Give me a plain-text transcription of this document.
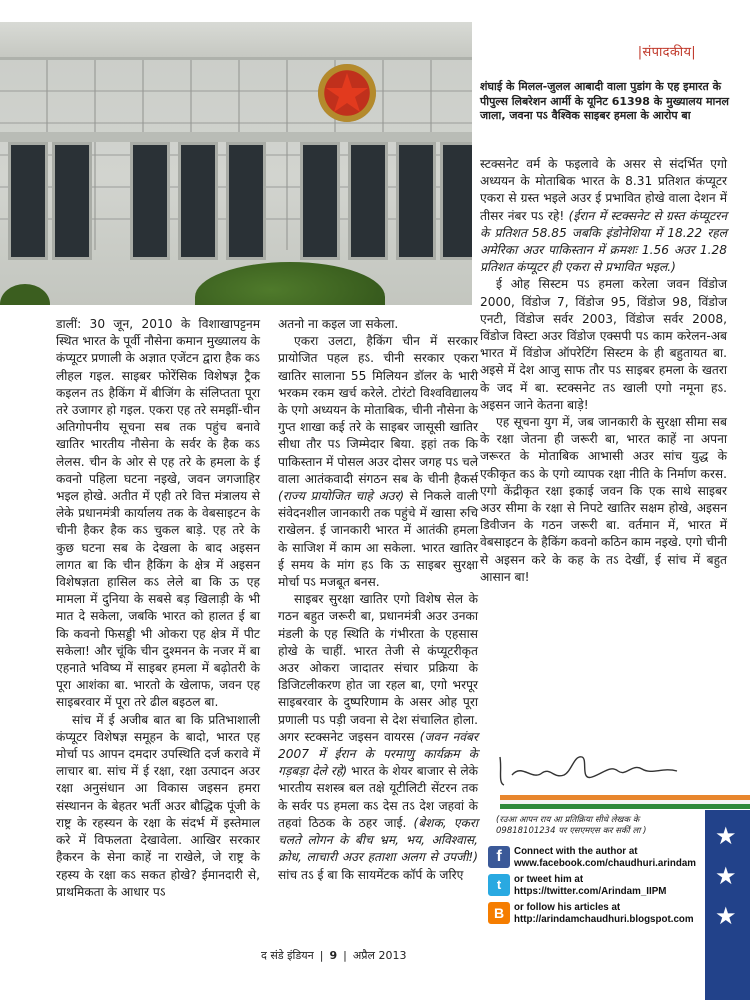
|संपादकीय|
शंघाई के मिलल-जुलल आबादी वाला पुडांग के एह इमारत के पीपुल्स लिबरेशन आर्मी के यूनिट 61398 के मुख्यालय मानल जाला, जवना पऽ वैश्विक साइबर हमला के आरोप बा

डालीं: 30 जून, 2010 के विशाखापट्टनम स्थित भारत के पूर्वी नौसेना कमान मुख्यालय के कंप्यूटर प्रणाली के अज्ञात एजेंटन द्वारा हैक कऽ लीहल गइल. साइबर फोरेंसिक विशेषज्ञ ट्रैक कइलन तऽ हैकिंग में बीजिंग के संलिप्तता पूरा तरे उजागर हो गइल. एकरा एह तरे समझीं-चीन अतिगोपनीय सूचना सब तक पहुंच बनावे खातिर भारतीय नौसेना के सर्वर के हैक कऽ लेलस. चीन के ओर से एह तरे के हमला के ई कवनो पहिला घटना नइखे, जवन जगजाहिर भइल होखे. अतीत में एही तरे वित्त मंत्रालय से लेके प्रधानमंत्री कार्यालय तक के वेबसाइटन के चीनी हैकर हैक कऽ चुकल बाड़े. एह तरे के कुछ घटना सब के देखला के बाद अइसन लागत बा कि चीन हैकिंग के क्षेत्र में अइसन विशेषज्ञता हासिल कऽ लेले बा कि ऊ एह मामला में दुनिया के सबसे बड़ खिलाड़ी के भी मात दे सकेला, जबकि भारत को हालत ई बा कि कवनो फिसड्डी भी ओकरा एह क्षेत्र में पीट सकेला! और चूंकि चीन दुश्मनन के नजर में बा एहनाते भविष्य में साइबर हमला में बढ़ोतरी के पूरा आशंका बा. भारतो के खेलाफ, जवन एह साइबरवार में पूरा तरे ढील बइठल बा.

सांच में ई अजीब बात बा कि प्रतिभाशाली कंप्यूटर विशेषज्ञ समूहन के बादो, भारत एह मोर्चा पऽ आपन दमदार उपस्थिति दर्ज करावे में लाचार बा. सांच में ई रक्षा, रक्षा उत्पादन अउर रक्षा अनुसंधान आ विकास जइसन हमरा संस्थानन के बेहतर भर्ती अउर बौद्धिक पूंजी के राष्ट्र के रहस्यन के रक्षा के संदर्भ में इस्तेमाल करे में विफलता देखावेला. आखिर सरकार हैकरन के सेना काहें ना राखेले, जे राष्ट्र के रहस्य के रक्षा कऽ सकत होखे? ईमानदारी से, प्राथमिकता के आधार पऽ

अतनो ना कइल जा सकेला.

एकरा उलटा, हैकिंग चीन में सरकार प्रायोजित पहल हऽ. चीनी सरकार एकरा खातिर सालाना 55 मिलियन डॉलर के भारी भरकम रकम खर्च करेले. टोरंटो विश्वविद्यालय के एगो अध्ययन के मोताबिक, चीनी नौसेना के गुप्त शाखा कई तरे के साइबर जासूसी खातिर सीधा तौर पऽ जिम्मेदार बिया. इहां तक कि पाकिस्तान में पोसल अउर दोसर जगह पऽ चले वाला आतंकवादी संगठन सब के चीनी हैकर्स (राज्य प्रायोजित चाहे अउर) से निकले वाली संवेदनशील जानकारी तक पहुंचे में खासा रुचि राखेलन. ई जानकारी भारत में आतंकी हमला के साजिश में काम आ सकेला. भारत खातिर ई समय के मांग हऽ कि ऊ साइबर सुरक्षा मोर्चा पऽ मजबूत बनस.

साइबर सुरक्षा खातिर एगो विशेष सेल के गठन बहुत जरूरी बा, प्रधानमंत्री अउर उनका मंडली के एह स्थिति के गंभीरता के एहसास होखे के चाहीं. भारत तेजी से कंप्यूटरीकृत अउर ओकरा जादातर संचार प्रक्रिया के डिजिटलीकरण होत जा रहल बा, एगो भरपूर साइबरवार के दुष्परिणाम के असर ओह पूरा प्रणाली पऽ पड़ी जवना से देश संचालित होला. अगर स्टक्सनेट जइसन वायरस (जवन नवंबर 2007 में ईरान के परमाणु कार्यक्रम के गड़बड़ा देले रहे) भारत के शेयर बाजार से लेके भारतीय सशस्त्र बल तक्षे यूटीलिटी सेंटरन तक के सर्वर पऽ हमला कऽ देस तऽ देश जहवां के तहवां ठिठक के ठहर जाई. (बेशक, एकरा चलते लोगन के बीच भ्रम, भय, अविश्वास, क्रोध, लाचारी अउर हताशा अलग से उपजी!) सांच तऽ ई बा कि सायमेंटक कॉर्प के जरिए

स्टक्सनेट वर्म के फइलावे के असर से संदर्भित एगो अध्ययन के मोताबिक भारत के 8.31 प्रतिशत कंप्यूटर एकरा से ग्रस्त भइले अउर ई प्रभावित होखे वाला देशन में तीसर नंबर पऽ रहे! (ईरान में स्टक्सनेट से ग्रस्त कंप्यूटरन के प्रतिशत 58.85 जबकि इंडोनेशिया में 18.22 रहल अमेरिका अउर पाकिस्तान में क्रमशः 1.56 अउर 1.28 प्रतिशत कंप्यूटर ही एकरा से प्रभावित भइल.)

ई ओह सिस्टम पऽ हमला करेला जवन विंडोज 2000, विंडोज 7, विंडोज 95, विंडोज 98, विंडोज एनटी, विंडोज सर्वर 2003, विंडोज सर्वर 2008, विंडोज विस्टा अउर विंडोज एक्सपी पऽ काम करेलन-अब भारत में विंडोज ऑपरेटिंग सिस्टम के ही बहुतायत बा. अइसे में देश आजु साफ तौर पऽ साइबर हमला के खतरा के जद में बा. स्टक्सनेट तऽ खाली एगो नमूना हऽ. अइसन जाने केतना बाड़े!

एह सूचना युग में, जब जानकारी के सुरक्षा सीमा सब के रक्षा जेतना ही जरूरी बा, भारत काहें ना अपना जरूरत के मोताबिक आभासी अउर सांच युद्ध के एकीकृत कऽ के एगो व्यापक रक्षा नीति के निर्माण करस. एगो केंद्रीकृत रक्षा इकाई जवन कि एक साथे साइबर अउर सीमा के रक्षा से निपटे खातिर सक्षम होखे, अइसन डिवीजन के गठन जरूरी बा. वर्तमान में, भारत में वेबसाइटन के हैकिंग कवनो कठिन काम नइखे. एगो चीनी से अइसन करे के कह के तऽ देखीं, ई सांच में बहुत आसान बा!

(रउआ आपन राय आ प्रतिक्रिया सीधे लेखक के 09818101234 पर एसएमएस कर सकीं ला )
f	Connect with the author at www.facebook.com/chaudhuri.arindam
t	or tweet him at https://twitter.com/Arindam_IIPM
B	or follow his articles at http://arindamchaudhuri.blogspot.com
★
★
★
द संडे इंडियन | 9 | अप्रैल 2013
